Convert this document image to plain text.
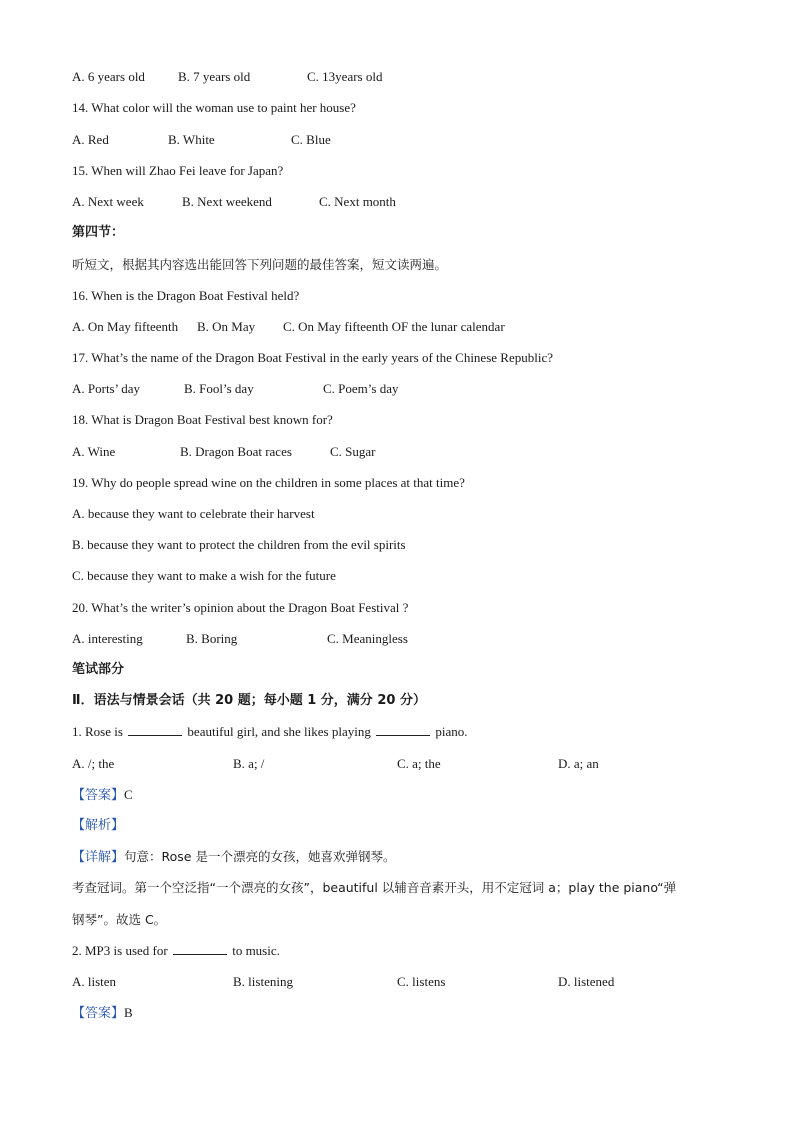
A. 6 years old	B. 7 years old	C. 13years old
14. What color will the woman use to paint her house?
A. Red	B. White	C. Blue
15. When will Zhao Fei leave for Japan?
A. Next week	B. Next weekend	C. Next month
第四节：
听短文，根据其内容选出能回答下列问题的最佳答案，短文读两遍。
16. When is the Dragon Boat Festival held?
A. On May fifteenth B. On May C. On May fifteenth OF the lunar calendar
17. What’s the name of the Dragon Boat Festival in the early years of the Chinese Republic?
A. Ports’ day	B. Fool’s day	C. Poem’s day
18. What is Dragon Boat Festival best known for?
A. Wine	B. Dragon Boat races	C. Sugar
19. Why do people spread wine on the children in some places at that time?
A. because they want to celebrate their harvest
B. because they want to protect the children from the evil spirits
C. because they want to make a wish for the future
20. What’s the writer’s opinion about the Dragon Boat Festival ?
A. interesting	B. Boring	C. Meaningless
笔试部分
Ⅱ．语法与情景会话（共 20 题；每小题 1 分，满分 20 分）
1. Rose is	beautiful girl, and she likes playing	piano.
A. /; the	B. a; /	C. a; the	D. a; an
【答案】C
【解析】
【详解】句意：Rose 是一个漂亮的女孩，她喜欢弹钢琴。
考查冠词。第一个空泛指“一个漂亮的女孩”，beautiful 以辅音音素开头，用不定冠词 a；play the piano“弹
钢琴”。故选 C。
2. MP3 is used for	to music.
A. listen	B. listening	C. listens	D. listened
【答案】B
